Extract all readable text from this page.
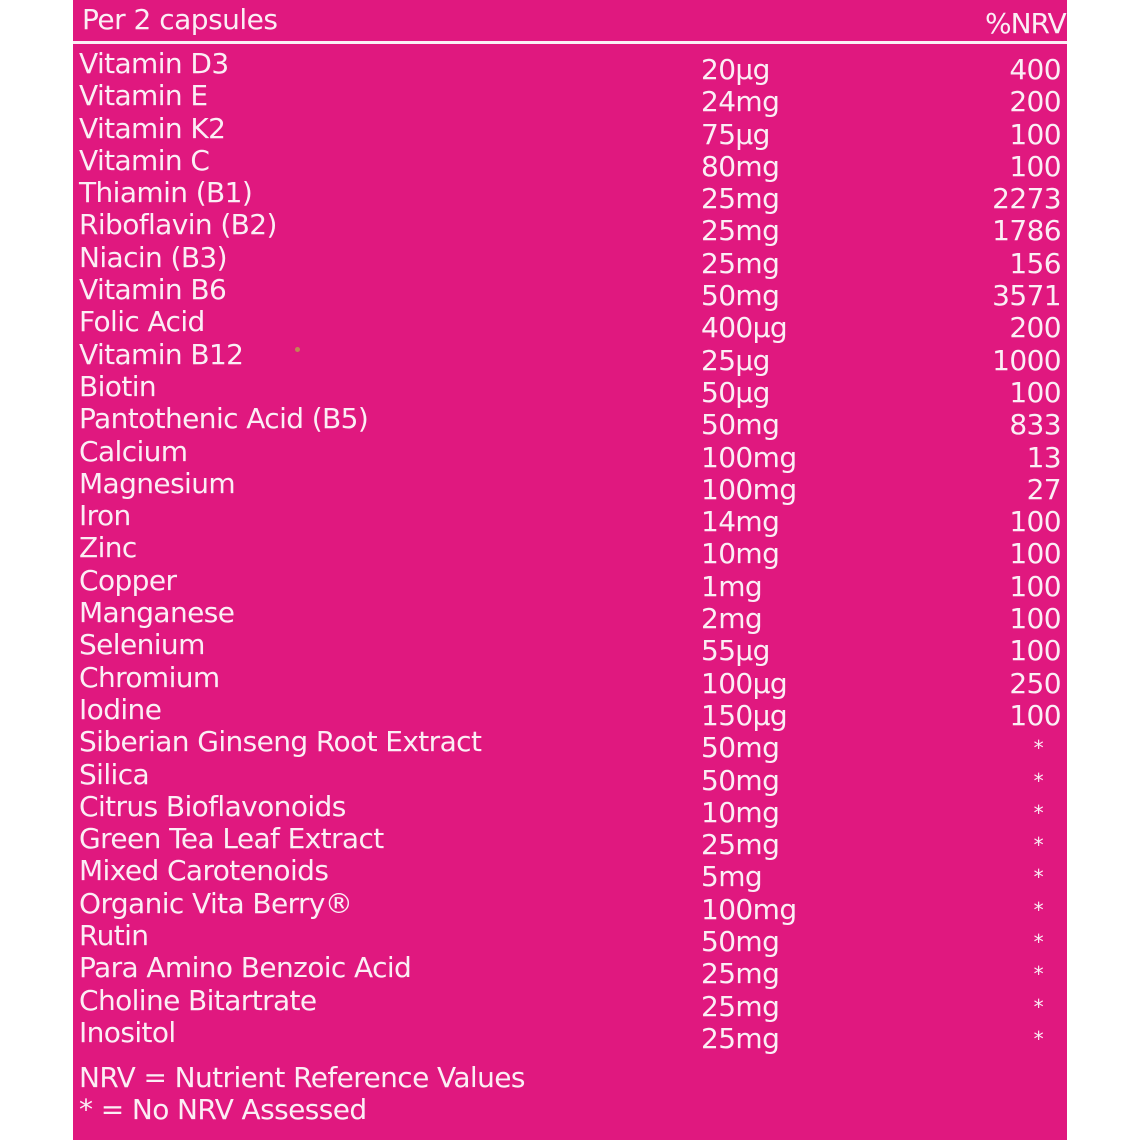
Per 2 capsules	%NRV
Vitamin D3	20µg	400
Vitamin E	24mg	200
Vitamin K2	75µg	100
Vitamin C	80mg	100
Thiamin (B1)	25mg	2273
Riboflavin (B2)	25mg	1786
Niacin (B3)	25mg	156
Vitamin B6	50mg	3571
Folic Acid	400µg	200
Vitamin B12	25µg	1000
Biotin	50µg	100
Pantothenic Acid (B5)	50mg	833
Calcium	100mg	13
Magnesium	100mg	27
Iron	14mg	100
Zinc	10mg	100
Copper	1mg	100
Manganese	2mg	100
Selenium	55µg	100
Chromium	100µg	250
Iodine	150µg	100
Siberian Ginseng Root Extract	50mg	*
Silica	50mg	*
Citrus Bioflavonoids	10mg	*
Green Tea Leaf Extract	25mg	*
Mixed Carotenoids	5mg	*
Organic Vita Berry®	100mg	*
Rutin	50mg	*
Para Amino Benzoic Acid	25mg	*
Choline Bitartrate	25mg	*
Inositol	25mg	*
NRV = Nutrient Reference Values
* = No NRV Assessed
